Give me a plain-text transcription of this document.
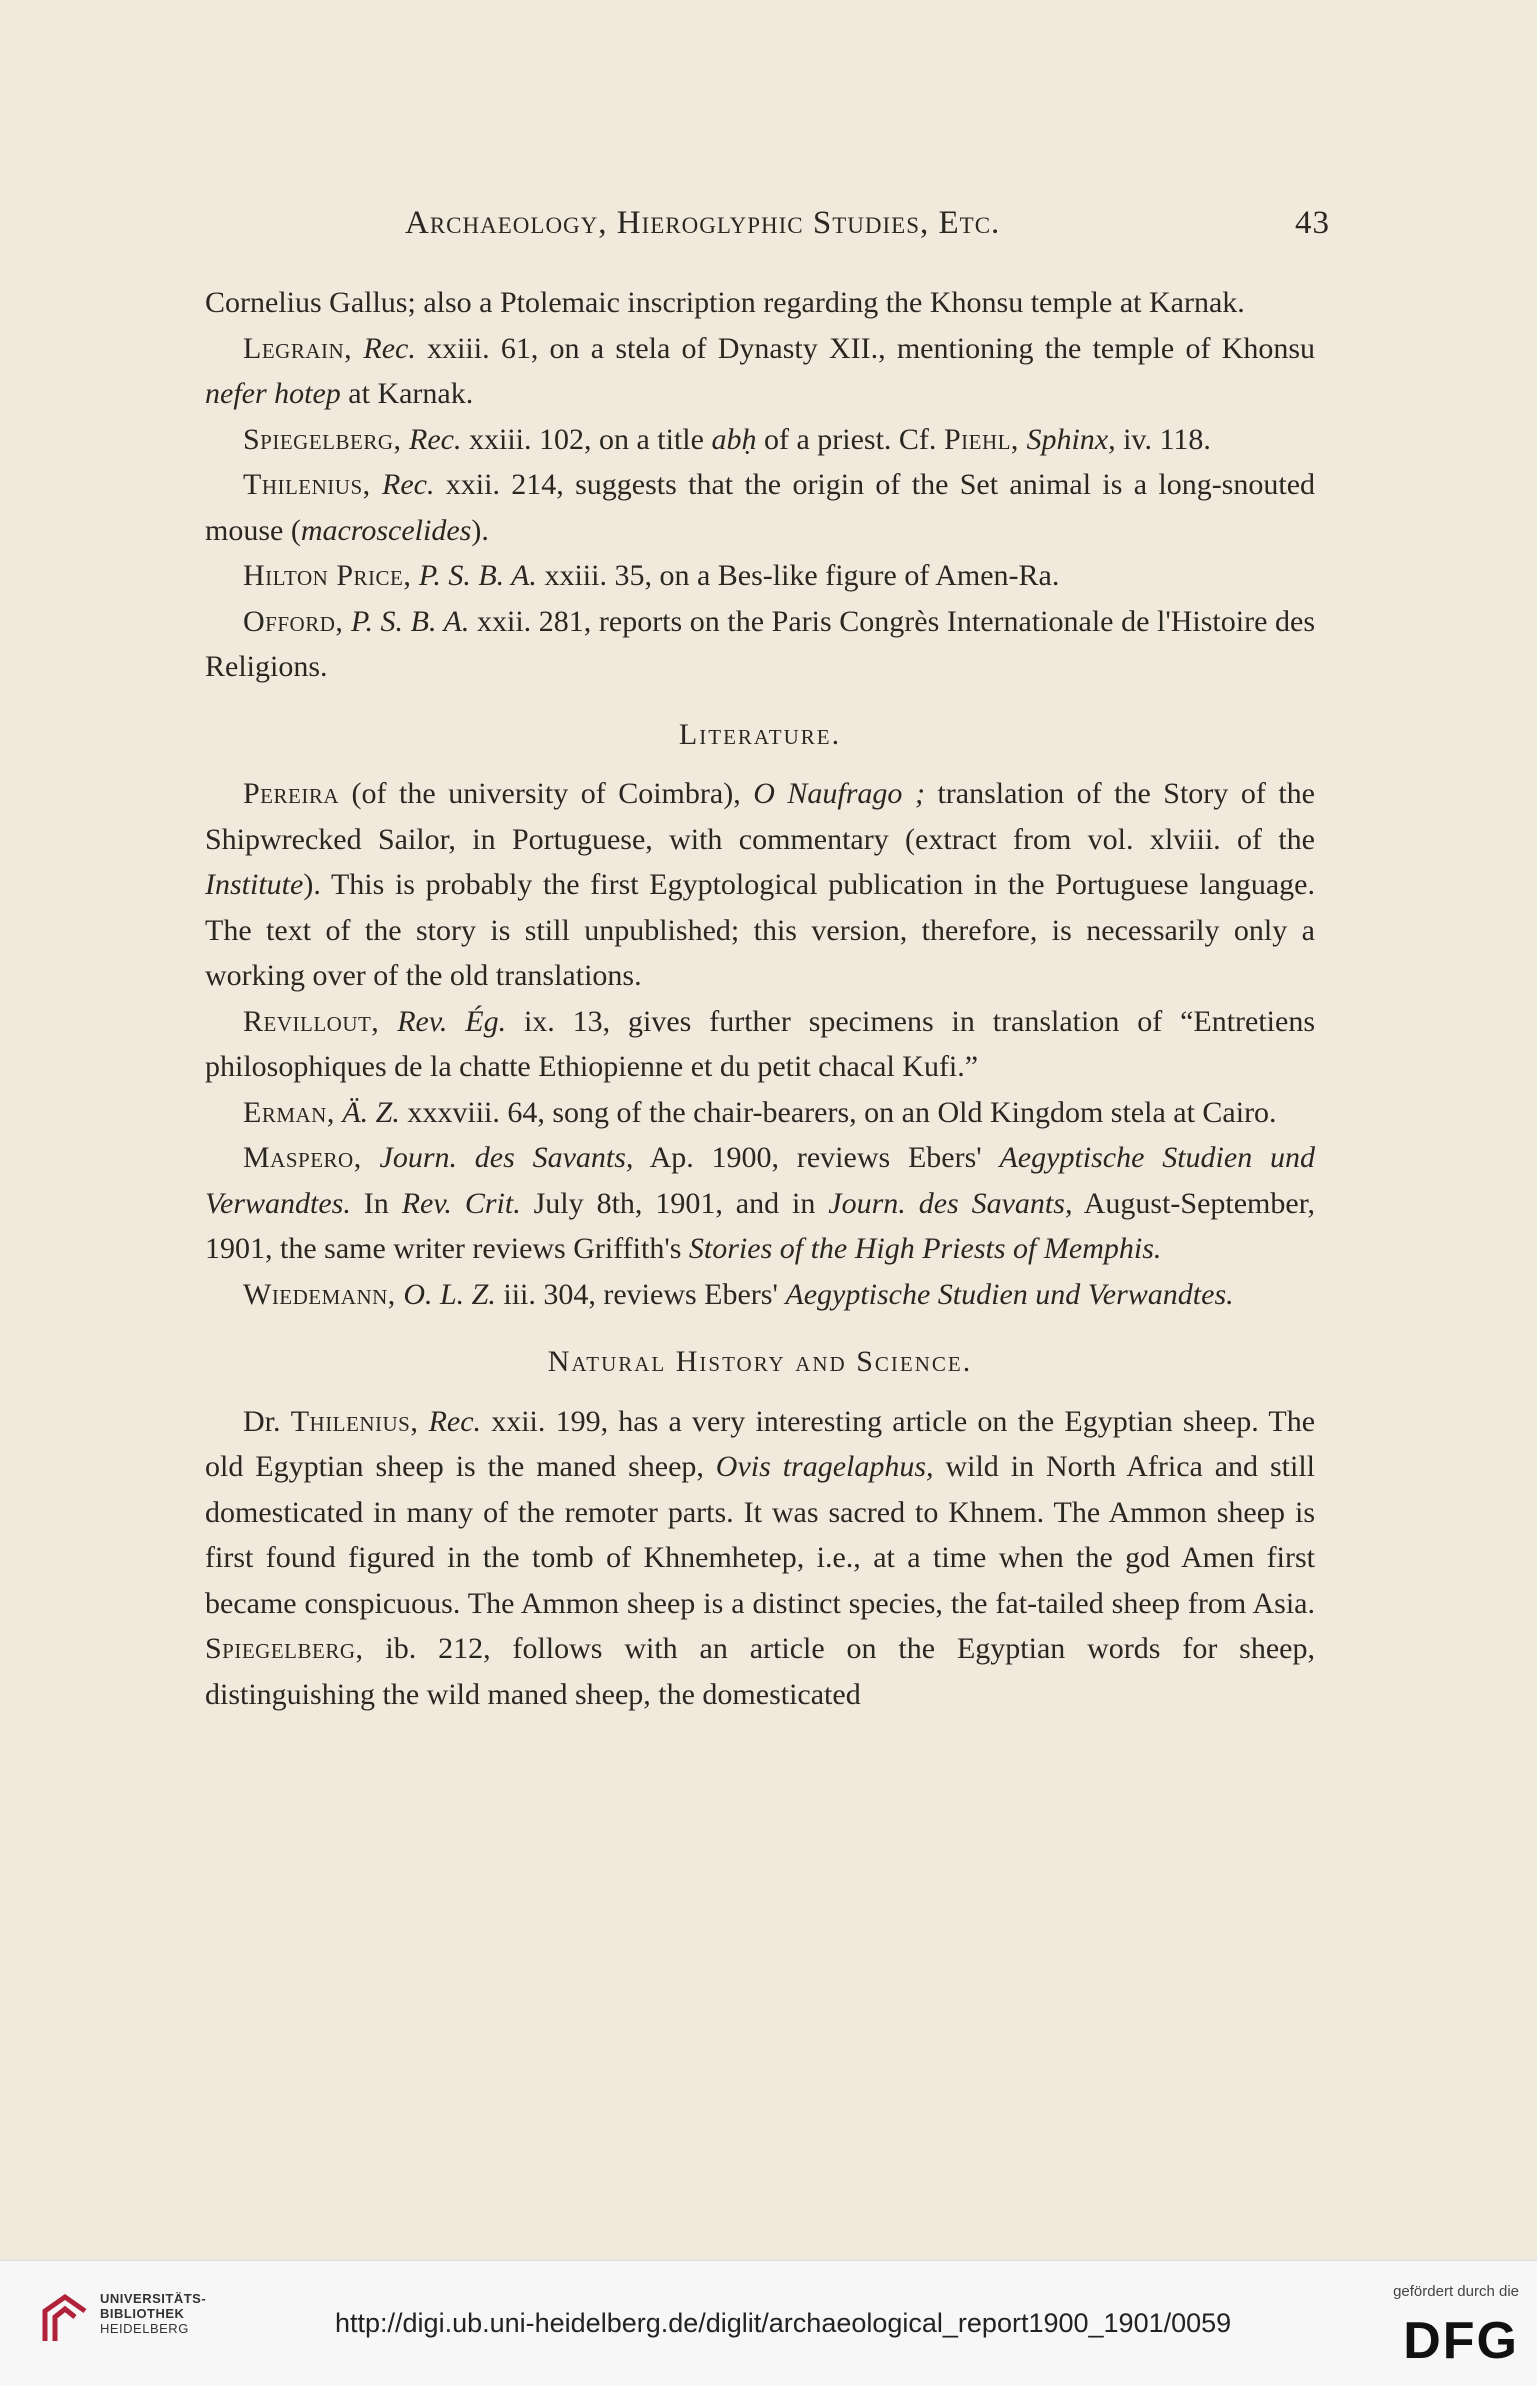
Archaeology, Hieroglyphic Studies, Etc.	43

Cornelius Gallus; also a Ptolemaic inscription regarding the Khonsu temple at Karnak.

Legrain, Rec. xxiii. 61, on a stela of Dynasty XII., mentioning the temple of Khonsu nefer hotep at Karnak.

Spiegelberg, Rec. xxiii. 102, on a title abḥ of a priest. Cf. Piehl, Sphinx, iv. 118.

Thilenius, Rec. xxii. 214, suggests that the origin of the Set animal is a long-snouted mouse (macroscelides).

Hilton Price, P. S. B. A. xxiii. 35, on a Bes-like figure of Amen-Ra.

Offord, P. S. B. A. xxii. 281, reports on the Paris Congrès Internationale de l'Histoire des Religions.

Literature.

Pereira (of the university of Coimbra), O Naufrago ; translation of the Story of the Shipwrecked Sailor, in Portuguese, with commentary (extract from vol. xlviii. of the Institute). This is probably the first Egyptological publication in the Portuguese language. The text of the story is still unpublished; this version, therefore, is necessarily only a working over of the old translations.

Revillout, Rev. Ég. ix. 13, gives further specimens in translation of “Entretiens philosophiques de la chatte Ethiopienne et du petit chacal Kufi.”

Erman, Ä. Z. xxxviii. 64, song of the chair-bearers, on an Old Kingdom stela at Cairo.

Maspero, Journ. des Savants, Ap. 1900, reviews Ebers' Aegyptische Studien und Verwandtes. In Rev. Crit. July 8th, 1901, and in Journ. des Savants, August-September, 1901, the same writer reviews Griffith's Stories of the High Priests of Memphis.

Wiedemann, O. L. Z. iii. 304, reviews Ebers' Aegyptische Studien und Verwandtes.

Natural History and Science.

Dr. Thilenius, Rec. xxii. 199, has a very interesting article on the Egyptian sheep. The old Egyptian sheep is the maned sheep, Ovis tragelaphus, wild in North Africa and still domesticated in many of the remoter parts. It was sacred to Khnem. The Ammon sheep is first found figured in the tomb of Khnemhetep, i.e., at a time when the god Amen first became conspicuous. The Ammon sheep is a distinct species, the fat-tailed sheep from Asia. Spiegelberg, ib. 212, follows with an article on the Egyptian words for sheep, distinguishing the wild maned sheep, the domesticated

UNIVERSITÄTS-
BIBLIOTHEK
HEIDELBERG	http://digi.ub.uni-heidelberg.de/diglit/archaeological_report1900_1901/0059
gefördert durch die
DFG
